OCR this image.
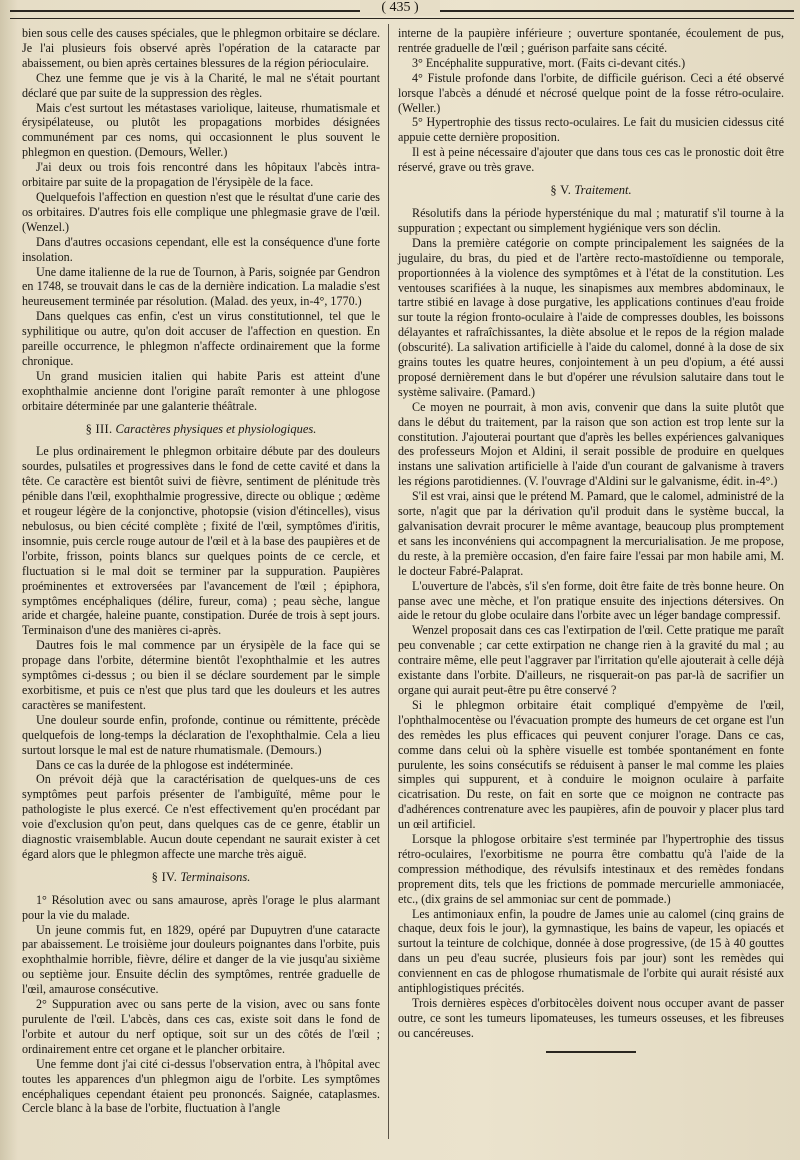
( 435 )

bien sous celle des causes spéciales, que le phlegmon orbitaire se déclare. Je l'ai plusieurs fois observé après l'opération de la cataracte par abaissement, ou bien après certaines blessures de la région périoculaire.

Chez une femme que je vis à la Charité, le mal ne s'était pourtant déclaré que par suite de la suppression des règles.

Mais c'est surtout les métastases variolique, laiteuse, rhumatismale et érysipélateuse, ou plutôt les propagations morbides désignées communément par ces noms, qui occasionnent le plus souvent le phlegmon en question. (Demours, Weller.)

J'ai deux ou trois fois rencontré dans les hôpitaux l'abcès intra-orbitaire par suite de la propagation de l'érysipèle de la face.

Quelquefois l'affection en question n'est que le résultat d'une carie des os orbitaires. D'autres fois elle complique une phlegmasie grave de l'œil. (Wenzel.)

Dans d'autres occasions cependant, elle est la conséquence d'une forte insolation.

Une dame italienne de la rue de Tournon, à Paris, soignée par Gendron en 1748, se trouvait dans le cas de la dernière indication. La maladie s'est heureusement terminée par résolution. (Malad. des yeux, in-4°, 1770.)

Dans quelques cas enfin, c'est un virus constitutionnel, tel que le syphilitique ou autre, qu'on doit accuser de l'affection en question. En pareille occurrence, le phlegmon n'affecte ordinairement que la forme chronique.

Un grand musicien italien qui habite Paris est atteint d'une exophthalmie ancienne dont l'origine paraît remonter à une phlogose orbitaire déterminée par une galanterie théâtrale.

§ III. Caractères physiques et physiologiques.

Le plus ordinairement le phlegmon orbitaire débute par des douleurs sourdes, pulsatiles et progressives dans le fond de cette cavité et dans la tête. Ce caractère est bientôt suivi de fièvre, sentiment de plénitude très pénible dans l'œil, exophthalmie progressive, directe ou oblique ; œdème et rougeur légère de la conjonctive, photopsie (vision d'étincelles), visus nebulosus, ou bien cécité complète ; fixité de l'œil, symptômes d'iritis, insomnie, puis cercle rouge autour de l'œil et à la base des paupières et de l'orbite, frisson, points blancs sur quelques points de ce cercle, et fluctuation si le mal doit se terminer par la suppuration. Paupières proéminentes et extroversées par l'avancement de l'œil ; épiphora, symptômes encéphaliques (délire, fureur, coma) ; peau sèche, langue aride et chargée, haleine puante, constipation. Durée de trois à sept jours. Terminaison d'une des manières ci-après.

Dautres fois le mal commence par un érysipèle de la face qui se propage dans l'orbite, détermine bientôt l'exophthalmie et les autres symptômes ci-dessus ; ou bien il se déclare sourdement par le simple exorbitisme, et puis ce n'est que plus tard que les douleurs et les autres caractères se manifestent.

Une douleur sourde enfin, profonde, continue ou rémittente, précède quelquefois de long-temps la déclaration de l'exophthalmie. Cela a lieu surtout lorsque le mal est de nature rhumatismale. (Demours.)

Dans ce cas la durée de la phlogose est indéterminée.

On prévoit déjà que la caractérisation de quelques-uns de ces symptômes peut parfois présenter de l'ambiguïté, même pour le pathologiste le plus exercé. Ce n'est effectivement qu'en procédant par voie d'exclusion qu'on peut, dans quelques cas de ce genre, établir un diagnostic vraisemblable. Aucun doute cependant ne saurait exister à cet égard alors que le phlegmon affecte une marche très aiguë.

§ IV. Terminaisons.

1° Résolution avec ou sans amaurose, après l'orage le plus alarmant pour la vie du malade.

Un jeune commis fut, en 1829, opéré par Dupuytren d'une cataracte par abaissement. Le troisième jour douleurs poignantes dans l'orbite, puis exophthalmie horrible, fièvre, délire et danger de la vie jusqu'au sixième ou septième jour. Ensuite déclin des symptômes, rentrée graduelle de l'œil, amaurose consécutive.

2° Suppuration avec ou sans perte de la vision, avec ou sans fonte purulente de l'œil. L'abcès, dans ces cas, existe soit dans le fond de l'orbite et autour du nerf optique, soit sur un des côtés de l'œil ; ordinairement entre cet organe et le plancher orbitaire.

Une femme dont j'ai cité ci-dessus l'observation entra, à l'hôpital avec toutes les apparences d'un phlegmon aigu de l'orbite. Les symptômes encéphaliques cependant étaient peu prononcés. Saignée, cataplasmes. Cercle blanc à la base de l'orbite, fluctuation à l'angle

interne de la paupière inférieure ; ouverture spontanée, écoulement de pus, rentrée graduelle de l'œil ; guérison parfaite sans cécité.

3° Encéphalite suppurative, mort. (Faits ci-devant cités.)

4° Fistule profonde dans l'orbite, de difficile guérison. Ceci a été observé lorsque l'abcès a dénudé et nécrosé quelque point de la fosse rétro-oculaire. (Weller.)

5° Hypertrophie des tissus recto-oculaires. Le fait du musicien cidessus cité appuie cette dernière proposition.

Il est à peine nécessaire d'ajouter que dans tous ces cas le pronostic doit être réservé, grave ou très grave.

§ V. Traitement.

Résolutifs dans la période hypersténique du mal ; maturatif s'il tourne à la suppuration ; expectant ou simplement hygiénique vers son déclin.

Dans la première catégorie on compte principalement les saignées de la jugulaire, du bras, du pied et de l'artère recto-mastoïdienne ou temporale, proportionnées à la violence des symptômes et à l'état de la constitution. Les ventouses scarifiées à la nuque, les sinapismes aux membres abdominaux, le tartre stibié en lavage à dose purgative, les applications continues d'eau froide sur toute la région fronto-oculaire à l'aide de compresses doubles, les boissons délayantes et rafraîchissantes, la diète absolue et le repos de la région malade (obscurité). La salivation artificielle à l'aide du calomel, donné à la dose de six grains toutes les quatre heures, conjointement à un peu d'opium, a été aussi proposé dernièrement dans le but d'opérer une révulsion salutaire dans tout le système salivaire. (Pamard.)

Ce moyen ne pourrait, à mon avis, convenir que dans la suite plutôt que dans le début du traitement, par la raison que son action est trop lente sur la constitution. J'ajouterai pourtant que d'après les belles expériences galvaniques des professeurs Mojon et Aldini, il serait possible de produire en quelques instans une salivation artificielle à l'aide d'un courant de galvanisme à travers les régions parotidiennes. (V. l'ouvrage d'Aldini sur le galvanisme, édit. in-4°.)

S'il est vrai, ainsi que le prétend M. Pamard, que le calomel, administré de la sorte, n'agit que par la dérivation qu'il produit dans le système buccal, la galvanisation devrait procurer le même avantage, beaucoup plus promptement et sans les inconvéniens qui accompagnent la mercurialisation. Je me propose, du reste, à la première occasion, d'en faire faire l'essai par mon habile ami, M. le docteur Fabré-Palaprat.

L'ouverture de l'abcès, s'il s'en forme, doit être faite de très bonne heure. On panse avec une mèche, et l'on pratique ensuite des injections détersives. On aide le retour du globe oculaire dans l'orbite avec un léger bandage compressif.

Wenzel proposait dans ces cas l'extirpation de l'œil. Cette pratique me paraît peu convenable ; car cette extirpation ne change rien à la gravité du mal ; au contraire même, elle peut l'aggraver par l'irritation qu'elle ajouterait à celle déjà existante dans l'orbite. D'ailleurs, ne risquerait-on pas par-là de sacrifier un organe qui aurait peut-être pu être conservé ?

Si le phlegmon orbitaire était compliqué d'empyème de l'œil, l'ophthalmocentèse ou l'évacuation prompte des humeurs de cet organe est l'un des remèdes les plus efficaces qui peuvent conjurer l'orage. Dans ce cas, comme dans celui où la sphère visuelle est tombée spontanément en fonte purulente, les soins consécutifs se réduisent à panser le mal comme les plaies simples qui suppurent, et à conduire le moignon oculaire à parfaite cicatrisation. Du reste, on fait en sorte que ce moignon ne contracte pas d'adhérences contrenature avec les paupières, afin de pouvoir y placer plus tard un œil artificiel.

Lorsque la phlogose orbitaire s'est terminée par l'hypertrophie des tissus rétro-oculaires, l'exorbitisme ne pourra être combattu qu'à l'aide de la compression méthodique, des révulsifs intestinaux et des remèdes fondans proprement dits, tels que les frictions de pommade mercurielle ammoniacée, etc., (dix grains de sel ammoniac sur cent de pommade.)

Les antimoniaux enfin, la poudre de James unie au calomel (cinq grains de chaque, deux fois le jour), la gymnastique, les bains de vapeur, les opiacés et surtout la teinture de colchique, donnée à dose progressive, (de 15 à 40 gouttes dans un peu d'eau sucrée, plusieurs fois par jour) sont les remèdes qui conviennent en cas de phlogose rhumatismale de l'orbite qui aurait résisté aux antiphlogistiques précités.

Trois dernières espèces d'orbitocèles doivent nous occuper avant de passer outre, ce sont les tumeurs lipomateuses, les tumeurs osseuses, et les fibreuses ou cancéreuses.
